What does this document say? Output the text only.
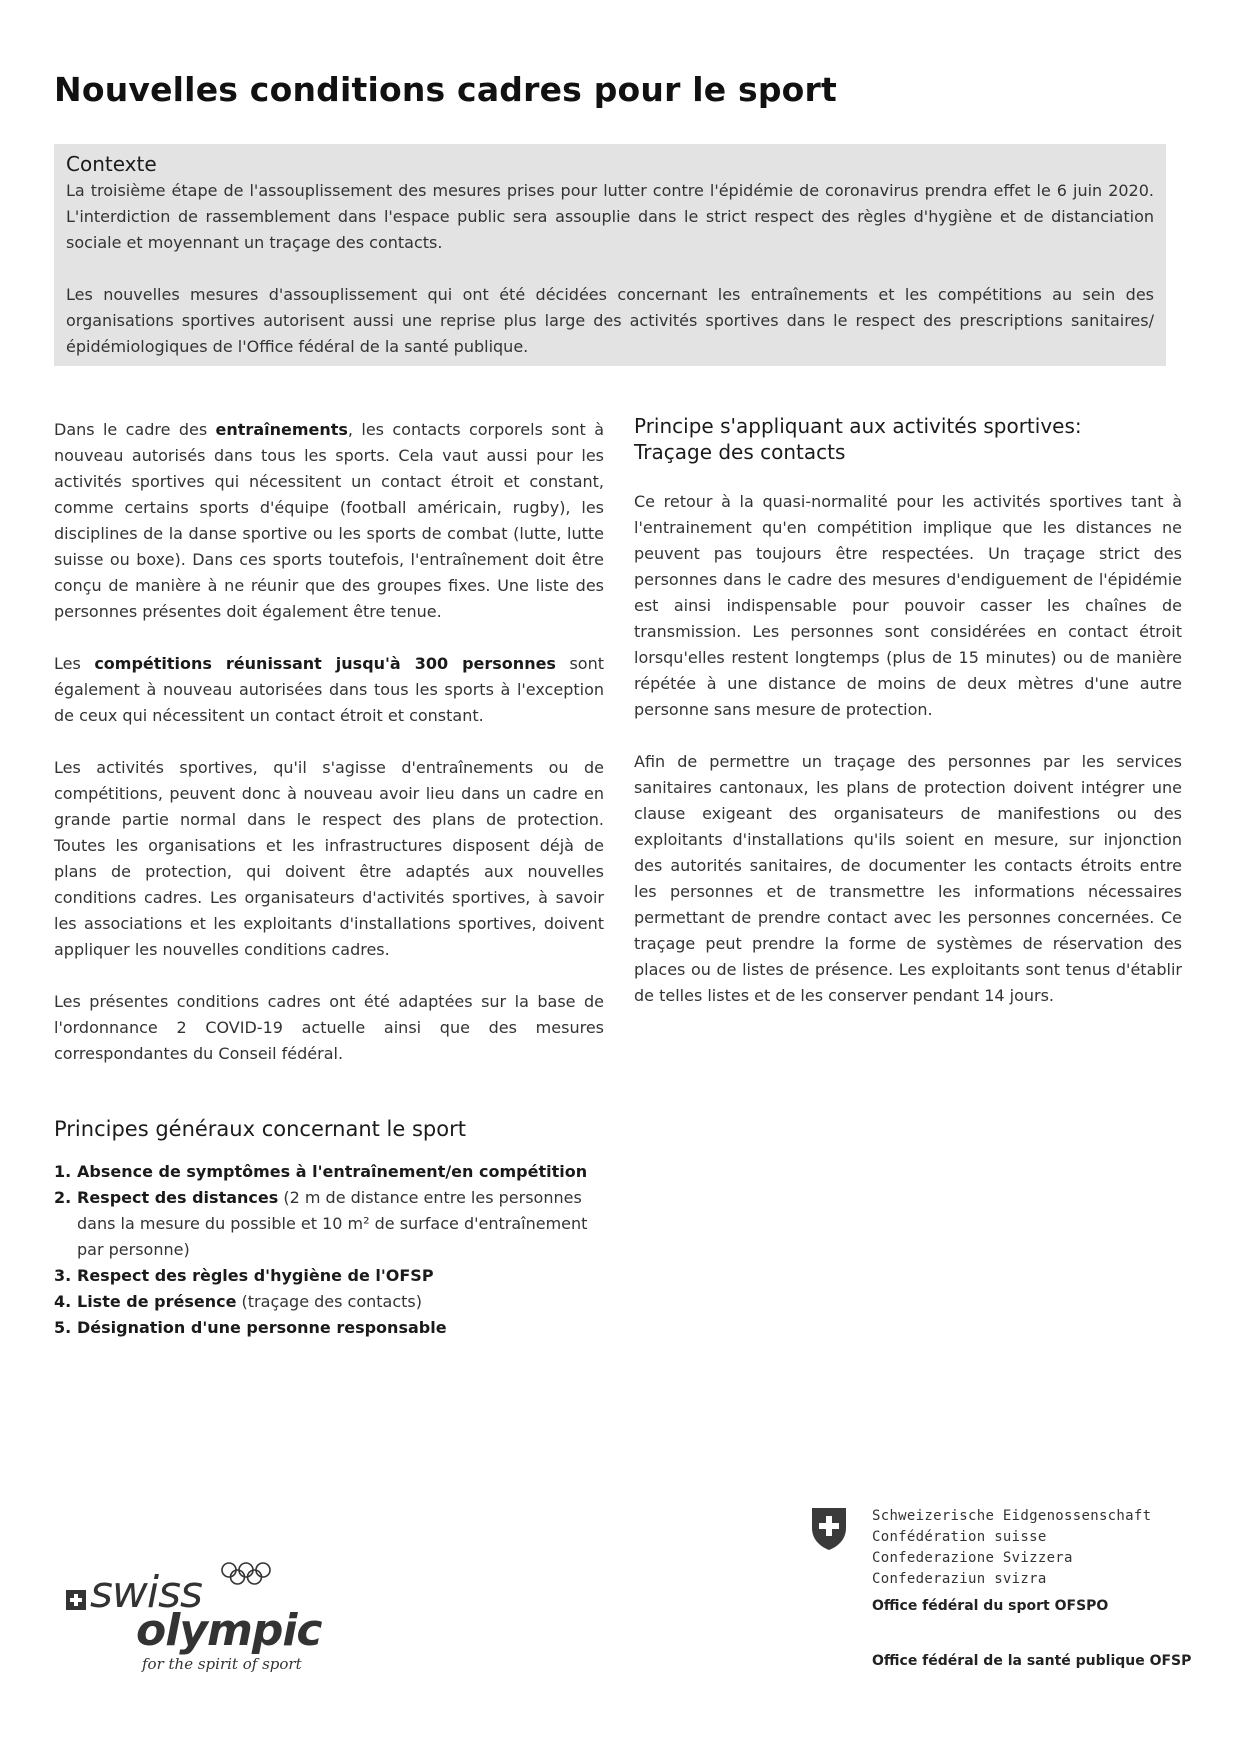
Nouvelles conditions cadres pour le sport
Contexte

La troisième étape de l'assouplissement des mesures prises pour lutter contre l'épidémie de coronavirus prendra effet le 6 juin 2020. L'interdiction de rassemblement dans l'espace public sera assouplie dans le strict respect des règles d'hygiène et de distanciation sociale et moyennant un traçage des contacts.

Les nouvelles mesures d'assouplissement qui ont été décidées concernant les entraînements et les compétitions au sein des organisations sportives autorisent aussi une reprise plus large des activités sportives dans le respect des prescriptions sanitaires/ épidémiologiques de l'Office fédéral de la santé publique.

Dans le cadre des entraînements, les contacts corporels sont à nouveau autorisés dans tous les sports. Cela vaut aussi pour les activités sportives qui nécessitent un contact étroit et constant, comme certains sports d'équipe (football américain, rugby), les disciplines de la danse sportive ou les sports de combat (lutte, lutte suisse ou boxe). Dans ces sports toutefois, l'entraînement doit être conçu de manière à ne réunir que des groupes fixes. Une liste des personnes présentes doit également être tenue.

Les compétitions réunissant jusqu'à 300 personnes sont également à nouveau autorisées dans tous les sports à l'exception de ceux qui nécessitent un contact étroit et constant.

Les activités sportives, qu'il s'agisse d'entraînements ou de compétitions, peuvent donc à nouveau avoir lieu dans un cadre en grande partie normal dans le respect des plans de protection. Toutes les organisations et les infrastructures disposent déjà de plans de protection, qui doivent être adaptés aux nouvelles conditions cadres. Les organisateurs d'activités sportives, à savoir les associations et les exploitants d'installations sportives, doivent appliquer les nouvelles conditions cadres.

Les présentes conditions cadres ont été adaptées sur la base de l'ordonnance 2 COVID-19 actuelle ainsi que des mesures correspondantes du Conseil fédéral.

Principe s'appliquant aux activités sportives:
Traçage des contacts

Ce retour à la quasi-normalité pour les activités sportives tant à l'entrainement qu'en compétition implique que les distances ne peuvent pas toujours être respectées. Un traçage strict des personnes dans le cadre des mesures d'endiguement de l'épidémie est ainsi indispensable pour pouvoir casser les chaînes de transmission. Les personnes sont considérées en contact étroit lorsqu'elles restent longtemps (plus de 15 minutes) ou de manière répétée à une distance de moins de deux mètres d'une autre personne sans mesure de protection.

Afin de permettre un traçage des personnes par les services sanitaires cantonaux, les plans de protection doivent intégrer une clause exigeant des organisateurs de manifestions ou des exploitants d'installations qu'ils soient en mesure, sur injonction des autorités sanitaires, de documenter les contacts étroits entre les personnes et de transmettre les informations nécessaires permettant de prendre contact avec les personnes concernées. Ce traçage peut prendre la forme de systèmes de réservation des places ou de listes de présence. Les exploitants sont tenus d'établir de telles listes et de les conserver pendant 14 jours.

Principes généraux concernant le sport
1. Absence de symptômes à l'entraînement/en compétition
2. Respect des distances (2 m de distance entre les personnes dans la mesure du possible et 10 m² de surface d'entraînement par personne)
3. Respect des règles d'hygiène de l'OFSP
4. Liste de présence (traçage des contacts)
5. Désignation d'une personne responsable
swiss
olympic
for the spirit of sport
Schweizerische Eidgenossenschaft
Confédération suisse
Confederazione Svizzera
Confederaziun svizra
Office fédéral du sport OFSPO
Office fédéral de la santé publique OFSP
